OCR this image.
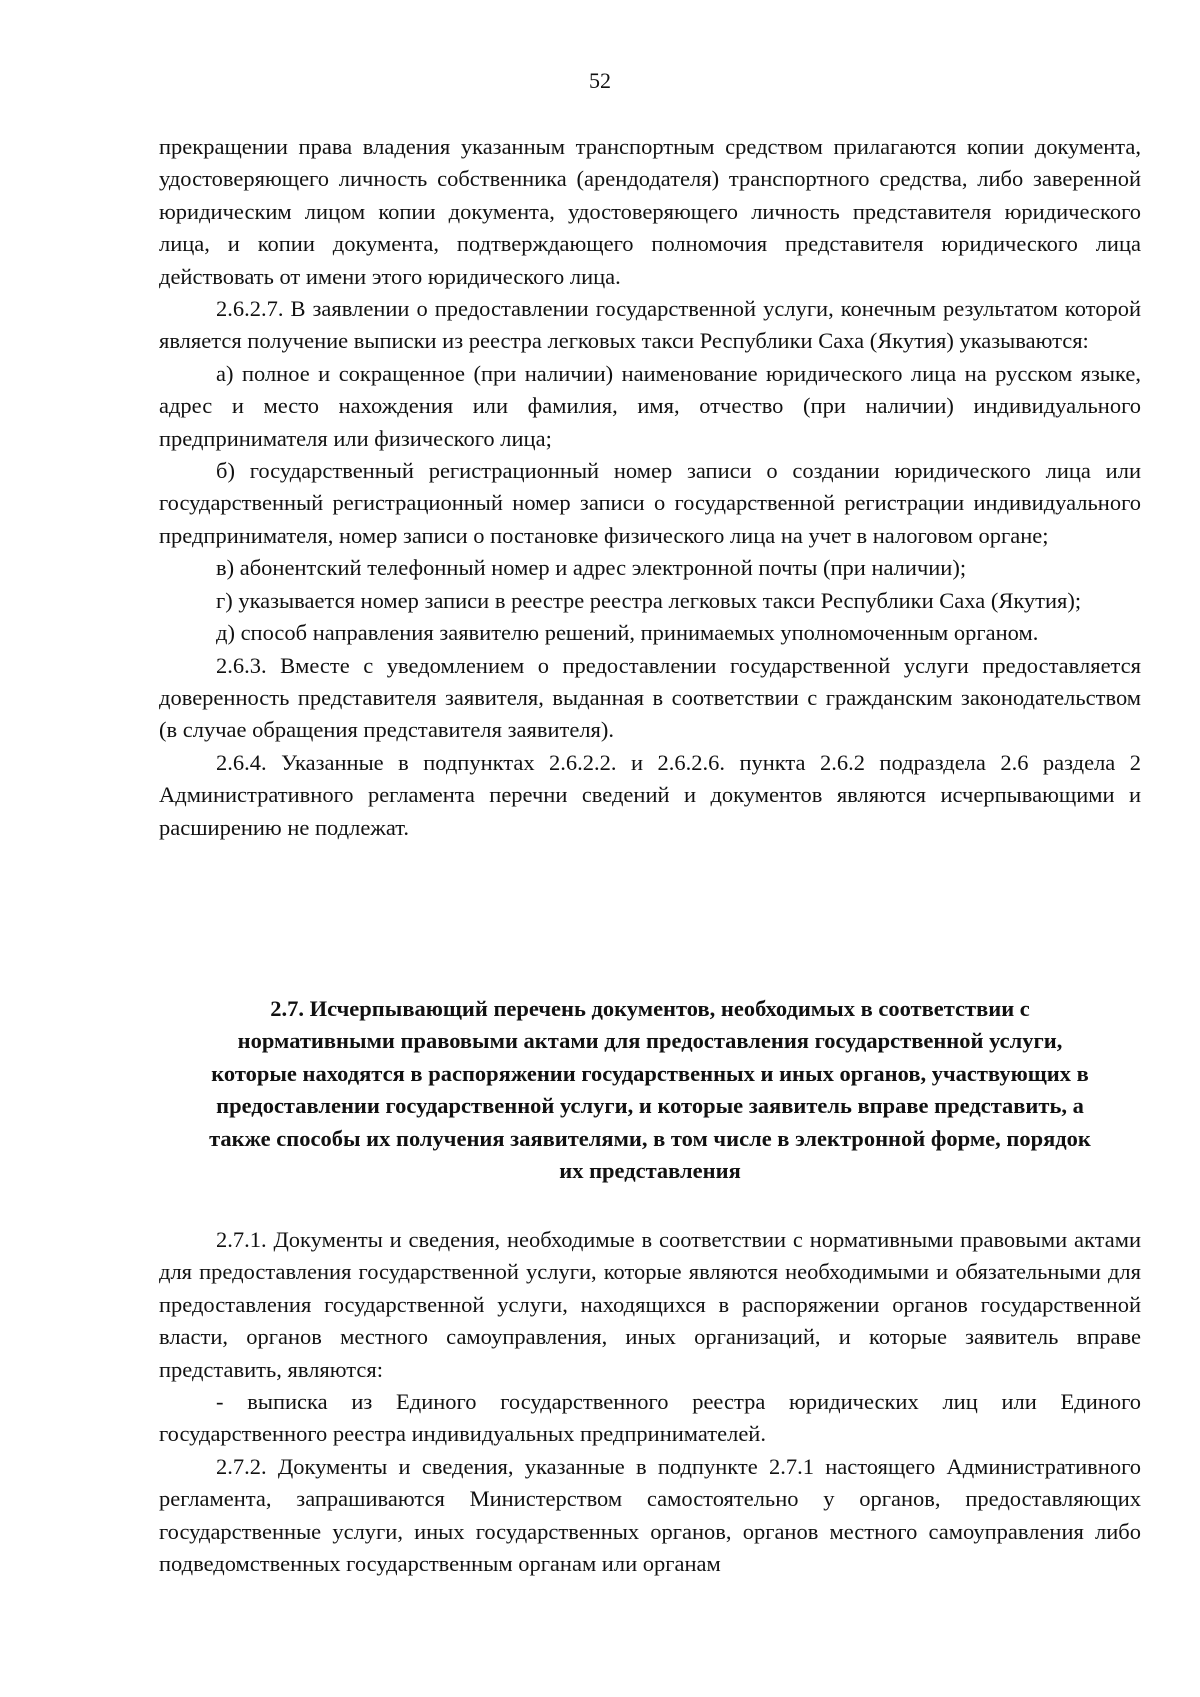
52

прекращении права владения указанным транспортным средством прилагаются копии документа, удостоверяющего личность собственника (арендодателя) транспортного средства, либо заверенной юридическим лицом копии документа, удостоверяющего личность представителя юридического лица, и копии документа, подтверждающего полномочия представителя юридического лица действовать от имени этого юридического лица.

2.6.2.7. В заявлении о предоставлении государственной услуги, конечным результатом которой является получение выписки из реестра легковых такси Республики Саха (Якутия) указываются:

а) полное и сокращенное (при наличии) наименование юридического лица на русском языке, адрес и место нахождения или фамилия, имя, отчество (при наличии) индивидуального предпринимателя или физического лица;

б) государственный регистрационный номер записи о создании юридического лица или государственный регистрационный номер записи о государственной регистрации индивидуального предпринимателя, номер записи о постановке физического лица на учет в налоговом органе;

в) абонентский телефонный номер и адрес электронной почты (при наличии);

г) указывается номер записи в реестре реестра легковых такси Республики Саха (Якутия);

д) способ направления заявителю решений, принимаемых уполномоченным органом.

2.6.3. Вместе с уведомлением о предоставлении государственной услуги предоставляется доверенность представителя заявителя, выданная в соответствии с гражданским законодательством (в случае обращения представителя заявителя).

2.6.4. Указанные в подпунктах 2.6.2.2. и 2.6.2.6. пункта 2.6.2 подраздела 2.6 раздела 2 Административного регламента перечни сведений и документов являются исчерпывающими и расширению не подлежат.

2.7. Исчерпывающий перечень документов, необходимых в соответствии с

нормативными правовыми актами для предоставления государственной услуги,

которые находятся в распоряжении государственных и иных органов, участвующих в

предоставлении государственной услуги, и которые заявитель вправе представить, а

также способы их получения заявителями, в том числе в электронной форме, порядок

их представления

2.7.1. Документы и сведения, необходимые в соответствии с нормативными правовыми актами для предоставления государственной услуги, которые являются необходимыми и обязательными для предоставления государственной услуги, находящихся в распоряжении органов государственной власти, органов местного самоуправления, иных организаций, и которые заявитель вправе представить, являются:

- выписка из Единого государственного реестра юридических лиц или Единого государственного реестра индивидуальных предпринимателей.

2.7.2. Документы и сведения, указанные в подпункте 2.7.1 настоящего Административного регламента, запрашиваются Министерством самостоятельно у органов, предоставляющих государственные услуги, иных государственных органов, органов местного самоуправления либо подведомственных государственным органам или органам
